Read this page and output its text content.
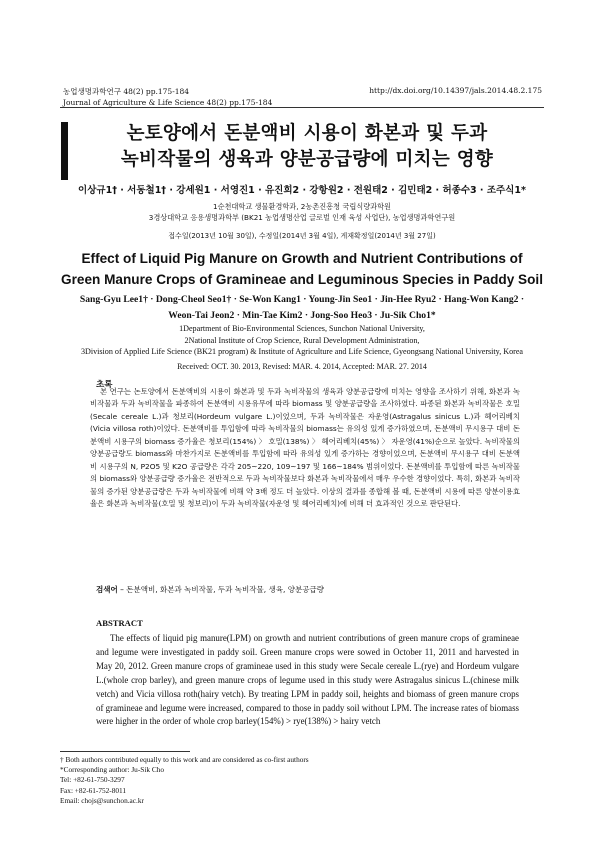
농업생명과학연구 48(2) pp.175-184
Journal of Agriculture & Life Science 48(2) pp.175-184
http://dx.doi.org/10.14397/jals.2014.48.2.175
논토양에서 돈분액비 시용이 화본과 및 두과
녹비작물의 생육과 양분공급량에 미치는 영향
이상규1† · 서동철1† · 강세원1 · 서영진1 · 유진희2 · 강항원2 · 전원태2 · 김민태2 · 허종수3 · 조주식1*
1순천대학교 생물환경학과, 2농촌진흥청 국립식량과학원
3경상대학교 응용생명과학부 (BK21 농업생명산업 글로벌 인재 육성 사업단), 농업생명과학연구원
접수일(2013년 10월 30일), 수정일(2014년 3월 4일), 게재확정일(2014년 3월 27일)
Effect of Liquid Pig Manure on Growth and Nutrient Contributions of
Green Manure Crops of Gramineae and Leguminous Species in Paddy Soil
Sang-Gyu Lee1† · Dong-Cheol Seo1† · Se-Won Kang1 · Young-Jin Seo1 · Jin-Hee Ryu2 · Hang-Won Kang2 ·
Weon-Tai Jeon2 · Min-Tae Kim2 · Jong-Soo Heo3 · Ju-Sik Cho1*
1Department of Bio-Environmental Sciences, Sunchon National University,
2National Institute of Crop Science, Rural Development Administration,
3Division of Applied Life Science (BK21 program) & Institute of Agriculture and Life Science, Gyeongsang National University, Korea
Received: OCT. 30. 2013, Revised: MAR. 4. 2014, Accepted: MAR. 27. 2014
초록

본 연구는 논토양에서 돈분액비의 시용이 화본과 및 두과 녹비작물의 생육과 양분공급량에 미치는 영향을 조사하기 위해, 화본과 녹비작물과 두과 녹비작물을 파종하여 돈분액비 시용유무에 따라 biomass 및 양분공급량을 조사하였다. 파종된 화본과 녹비작물은 호밀(Secale cereale L.)과 청보리(Hordeum vulgare L.)이었으며, 두과 녹비작물은 자운영(Astragalus sinicus L.)과 헤어리베치(Vicia villosa roth)이었다. 돈분액비를 투입함에 따라 녹비작물의 biomass는 유의성 있게 증가하였으며, 돈분액비 무시용구 대비 돈분액비 시용구의 biomass 증가율은 청보리(154%) 〉 호밀(138%) 〉 헤어리베치(45%) 〉 자운영(41%)순으로 높았다. 녹비작물의 양분공급량도 biomass와 마찬가지로 돈분액비를 투입함에 따라 유의성 있게 증가하는 경향이었으며, 돈분액비 무시용구 대비 돈분액비 시용구의 N, P2O5 및 K2O 공급량은 각각 205~220, 109~197 및 166~184% 범위이었다. 돈분액비를 투입함에 따른 녹비작물의 biomass와 양분공급량 증가율은 전반적으로 두과 녹비작물보다 화본과 녹비작물에서 매우 우수한 경향이었다. 특히, 화본과 녹비작물의 증가된 양분공급량은 두과 녹비작물에 비해 약 3배 정도 더 높았다. 이상의 결과를 종합해 볼 때, 돈분액비 시용에 따른 양분이용효율은 화본과 녹비작물(호밀 및 청보리)이 두과 녹비작물(자운영 및 헤어리베치)에 비해 더 효과적인 것으로 판단된다.

검색어 – 돈분액비, 화본과 녹비작물, 두과 녹비작물, 생육, 양분공급량
ABSTRACT

The effects of liquid pig manure(LPM) on growth and nutrient contributions of green manure crops of gramineae and legume were investigated in paddy soil. Green manure crops were sowed in October 11, 2011 and harvested in May 20, 2012. Green manure crops of gramineae used in this study were Secale cereale L.(rye) and Hordeum vulgare L.(whole crop barley), and green manure crops of legume used in this study were Astragalus sinicus L.(chinese milk vetch) and Vicia villosa roth(hairy vetch). By treating LPM in paddy soil, heights and biomass of green manure crops of gramineae and legume were increased, compared to those in paddy soil without LPM. The increase rates of biomass were higher in the order of whole crop barley(154%) > rye(138%) > hairy vetch

† Both authors contributed equally to this work and are considered as co-first authors
*Corresponding author: Ju-Sik Cho
Tel: +82-61-750-3297
Fax: +82-61-752-8011
Email: chojs@sunchon.ac.kr
